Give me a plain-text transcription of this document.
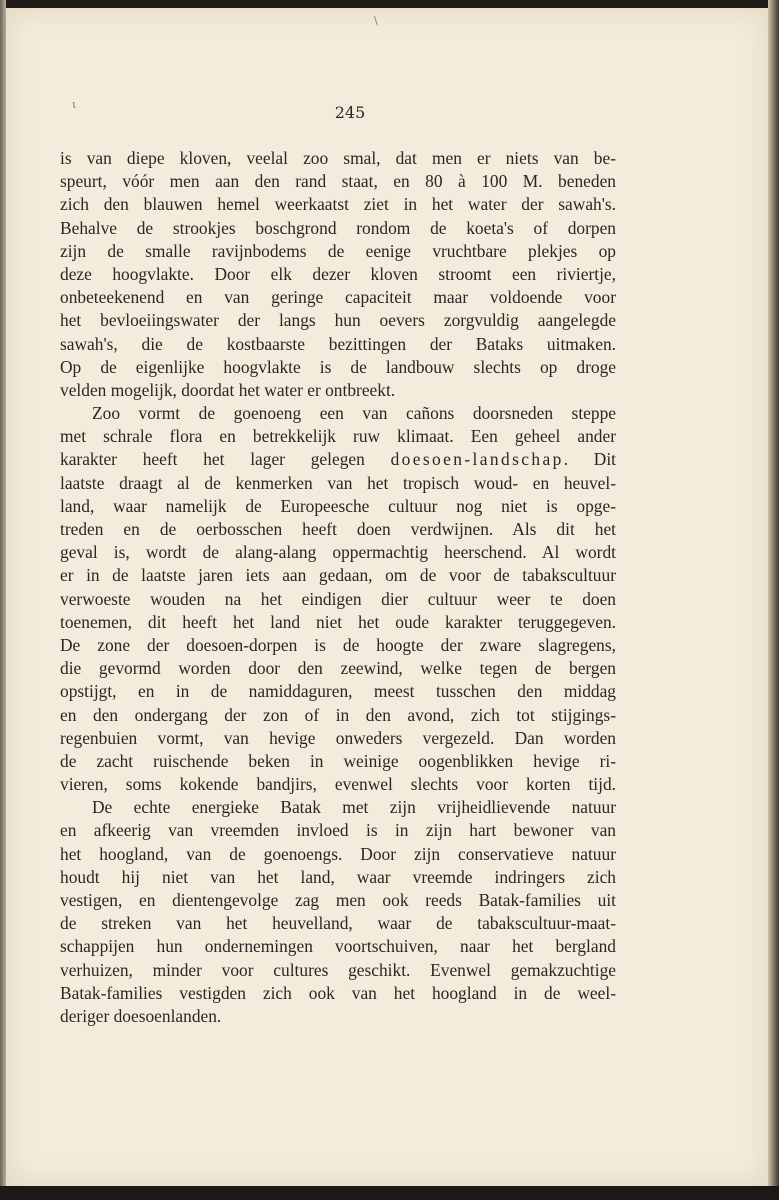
\
ι	245
is van diepe kloven, veelal zoo smal, dat men er niets van be-
speurt, vóór men aan den rand staat, en 80 à 100 M. beneden
zich den blauwen hemel weerkaatst ziet in het water der sawah's.
Behalve de strookjes boschgrond rondom de koeta's of dorpen
zijn de smalle ravijnbodems de eenige vruchtbare plekjes op
deze hoogvlakte. Door elk dezer kloven stroomt een riviertje,
onbeteekenend en van geringe capaciteit maar voldoende voor
het bevloeiingswater der langs hun oevers zorgvuldig aangelegde
sawah's, die de kostbaarste bezittingen der Bataks uitmaken.
Op de eigenlijke hoogvlakte is de landbouw slechts op droge
velden mogelijk, doordat het water er ontbreekt.
Zoo vormt de goenoeng een van cañons doorsneden steppe
met schrale flora en betrekkelijk ruw klimaat. Een geheel ander
karakter heeft het lager gelegen doesoen-landschap. Dit
laatste draagt al de kenmerken van het tropisch woud- en heuvel-
land, waar namelijk de Europeesche cultuur nog niet is opge-
treden en de oerbosschen heeft doen verdwijnen. Als dit het
geval is, wordt de alang-alang oppermachtig heerschend. Al wordt
er in de laatste jaren iets aan gedaan, om de voor de tabakscultuur
verwoeste wouden na het eindigen dier cultuur weer te doen
toenemen, dit heeft het land niet het oude karakter teruggegeven.
De zone der doesoen-dorpen is de hoogte der zware slagregens,
die gevormd worden door den zeewind, welke tegen de bergen
opstijgt, en in de namiddaguren, meest tusschen den middag
en den ondergang der zon of in den avond, zich tot stijgings-
regenbuien vormt, van hevige onweders vergezeld. Dan worden
de zacht ruischende beken in weinige oogenblikken hevige ri-
vieren, soms kokende bandjirs, evenwel slechts voor korten tijd.
De echte energieke Batak met zijn vrijheidlievende natuur
en afkeerig van vreemden invloed is in zijn hart bewoner van
het hoogland, van de goenoengs. Door zijn conservatieve natuur
houdt hij niet van het land, waar vreemde indringers zich
vestigen, en dientengevolge zag men ook reeds Batak-families uit
de streken van het heuvelland, waar de tabakscultuur-maat-
schappijen hun ondernemingen voortschuiven, naar het bergland
verhuizen, minder voor cultures geschikt. Evenwel gemakzuchtige
Batak-families vestigden zich ook van het hoogland in de weel-
deriger doesoenlanden.
